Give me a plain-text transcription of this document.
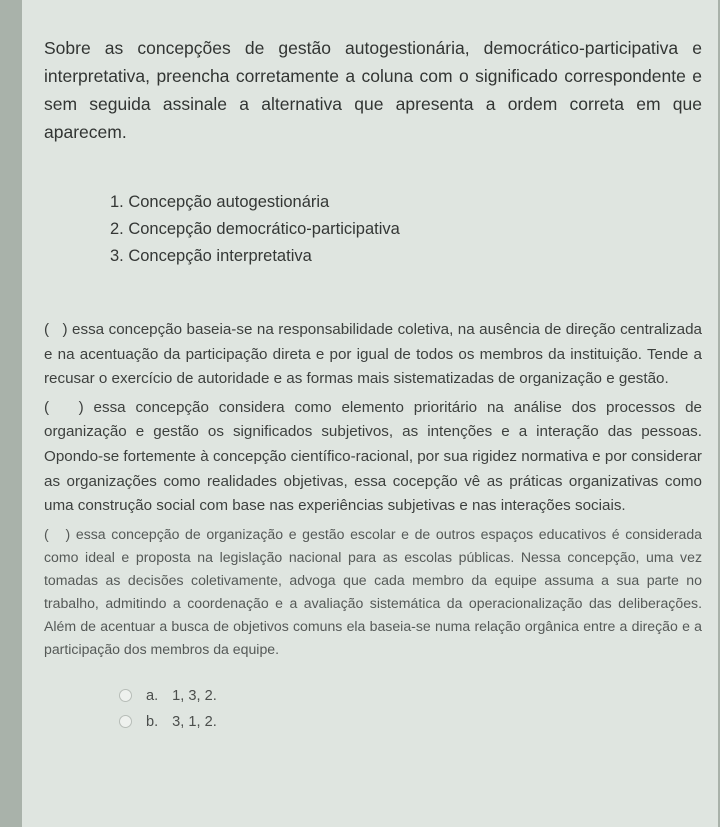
Sobre as concepções de gestão autogestionária, democrático-participativa e interpretativa, preencha corretamente a coluna com o significado correspondente e sem seguida assinale a alternativa que apresenta a ordem correta em que aparecem.

1. Concepção autogestionária
2. Concepção democrático-participativa
3. Concepção interpretativa

(   ) essa concepção baseia-se na responsabilidade coletiva, na ausência de direção centralizada e na acentuação da participação direta e por igual de todos os membros da instituição. Tende a recusar o exercício de autoridade e as formas mais sistematizadas de organização e gestão.

(   ) essa concepção considera como elemento prioritário na análise dos processos de organização e gestão os significados subjetivos, as intenções e a interação das pessoas. Opondo-se fortemente à concepção científico-racional, por sua rigidez normativa e por considerar as organizações como realidades objetivas, essa cocepção vê as práticas organizativas como uma construção social com base nas experiências subjetivas e nas interações sociais.

(   ) essa concepção de organização e gestão escolar e de outros espaços educativos é considerada como ideal e proposta na legislação nacional para as escolas públicas. Nessa concepção, uma vez tomadas as decisões coletivamente, advoga que cada membro da equipe assuma a sua parte no trabalho, admitindo a coordenação e a avaliação sistemática da operacionalização das deliberações. Além de acentuar a busca de objetivos comuns ela baseia-se numa relação orgânica entre a direção e a participação dos membros da equipe.

a. 1, 3, 2.
b. 3, 1, 2.
